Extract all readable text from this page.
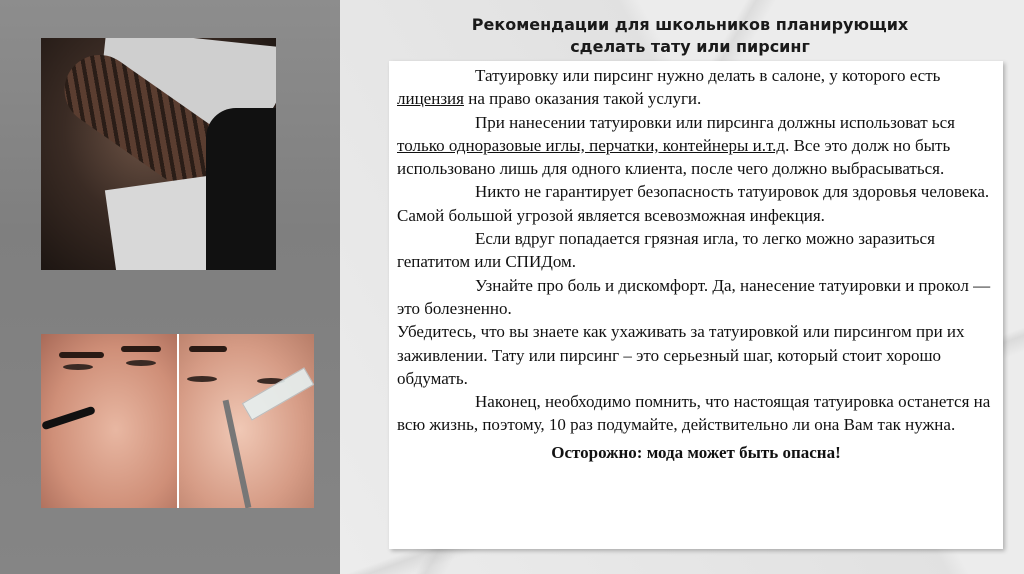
Рекомендации для школьников планирующих
сделать тату или пирсинг

Татуировку или пирсинг нужно делать в салоне, у которого есть лицензия на право оказания такой услуги.

При нанесении татуировки или пирсинга должны использоват ься только одноразовые иглы, перчатки, контейнеры и.т.д. Все это долж но быть использовано лишь для одного клиента, после чего должно выбрасываться.

Никто не гарантирует безопасность татуировок для здоровья человека. Самой большой угрозой является всевозможная инфекция.

Если вдруг попадается грязная игла, то легко можно заразиться гепатитом или СПИДом.

Узнайте про боль и дискомфорт. Да, нанесение татуировки и прокол — это болезненно.

Убедитесь, что вы знаете как ухаживать за татуировкой или пирсингом при их заживлении. Тату или пирсинг – это серьезный шаг, который стоит хорошо обдумать.

Наконец, необходимо помнить, что настоящая татуировка останется на всю жизнь, поэтому, 10 раз подумайте, действительно ли она Вам так нужна.

Осторожно: мода может быть опасна!
